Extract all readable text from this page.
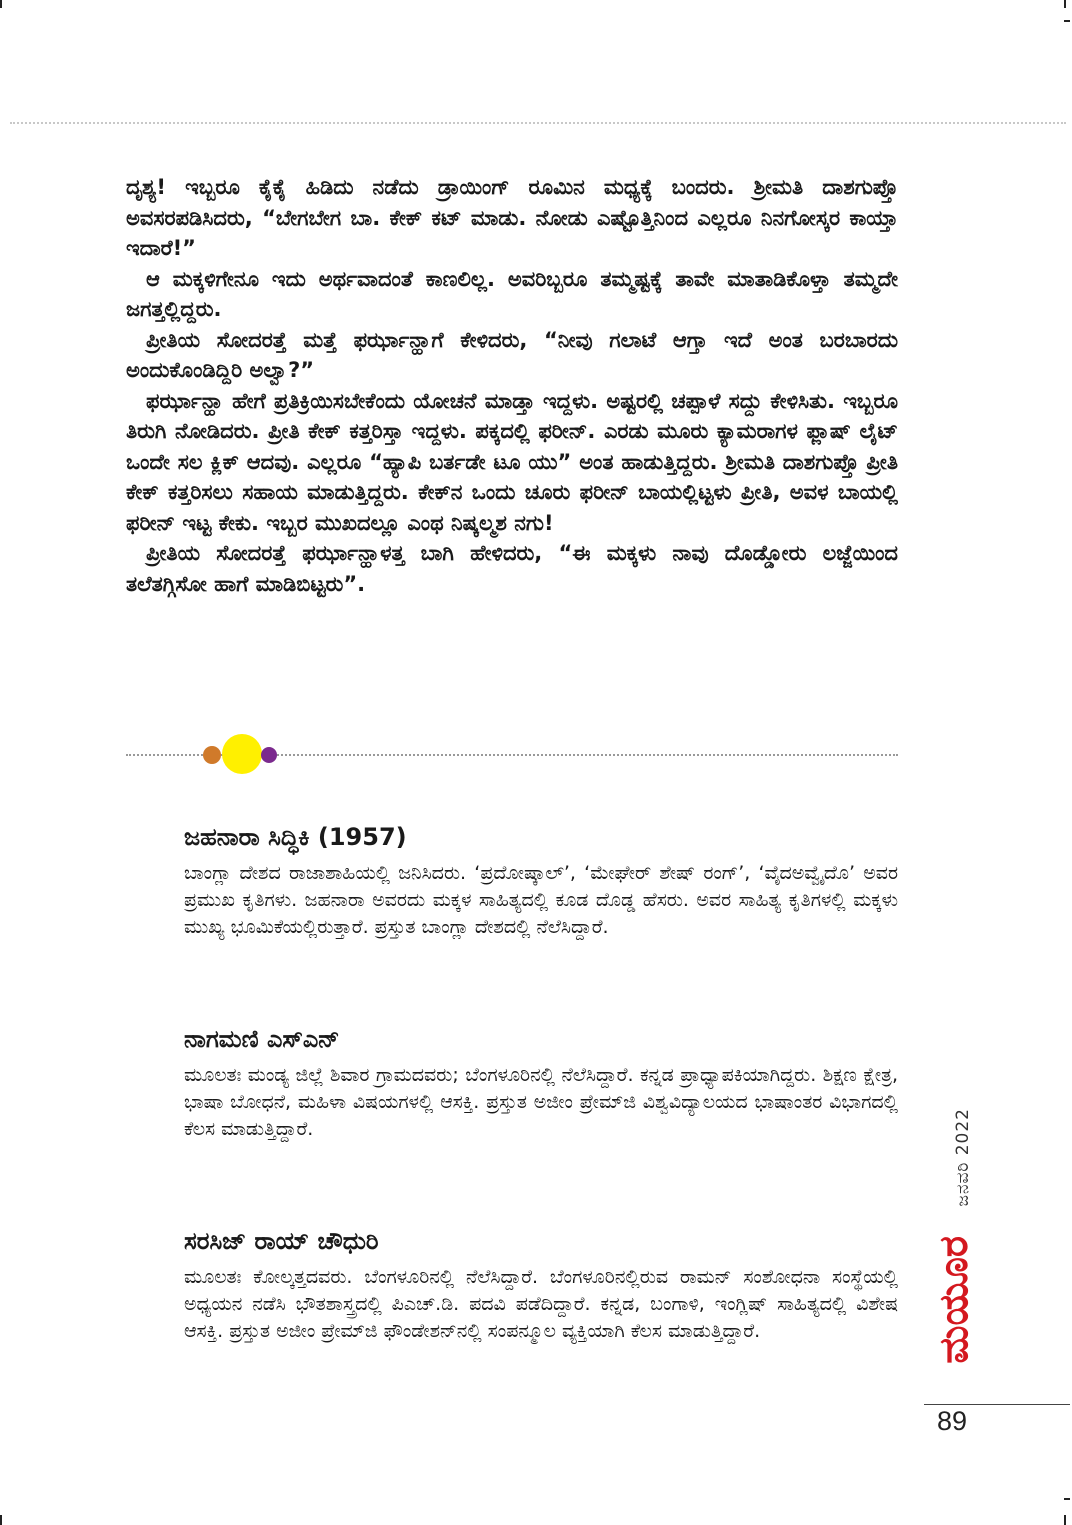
ದೃಶ್ಯ! ಇಬ್ಬರೂ ಕೈಕೈ ಹಿಡಿದು ನಡೆದು ಡ್ರಾಯಿಂಗ್ ರೂಮಿನ ಮಧ್ಯಕ್ಕೆ ಬಂದರು. ಶ್ರೀಮತಿ ದಾಶಗುಪ್ತೊ ಅವಸರಪಡಿಸಿದರು, “ಬೇಗಬೇಗ ಬಾ. ಕೇಕ್ ಕಟ್ ಮಾಡು. ನೋಡು ಎಷ್ಟೊತ್ತಿನಿಂದ ಎಲ್ಲರೂ ನಿನಗೋಸ್ಕರ ಕಾಯ್ತಾ ಇದಾರೆ!”

ಆ ಮಕ್ಕಳಿಗೇನೂ ಇದು ಅರ್ಥವಾದಂತೆ ಕಾಣಲಿಲ್ಲ. ಅವರಿಬ್ಬರೂ ತಮ್ಮಷ್ಟಕ್ಕೆ ತಾವೇ ಮಾತಾಡಿಕೊಳ್ತಾ ತಮ್ಮದೇ ಜಗತ್ತಲ್ಲಿದ್ದರು.

ಪ್ರೀತಿಯ ಸೋದರತ್ತೆ ಮತ್ತೆ ಫರ್ಝಾನ್ಹಾಗೆ ಕೇಳಿದರು, “ನೀವು ಗಲಾಟೆ ಆಗ್ತಾ ಇದೆ ಅಂತ ಬರಬಾರದು ಅಂದುಕೊಂಡಿದ್ದಿರಿ ಅಲ್ವಾ?”

ಫರ್ಝಾನ್ಹಾ ಹೇಗೆ ಪ್ರತಿಕ್ರಿಯಿಸಬೇಕೆಂದು ಯೋಚನೆ ಮಾಡ್ತಾ ಇದ್ದಳು. ಅಷ್ಟರಲ್ಲಿ ಚಪ್ಪಾಳೆ ಸದ್ದು ಕೇಳಿಸಿತು. ಇಬ್ಬರೂ ತಿರುಗಿ ನೋಡಿದರು. ಪ್ರೀತಿ ಕೇಕ್ ಕತ್ತರಿಸ್ತಾ ಇದ್ದಳು. ಪಕ್ಕದಲ್ಲಿ ಫರೀನ್. ಎರಡು ಮೂರು ಕ್ಯಾಮರಾಗಳ ಫ್ಲಾಷ್ ಲೈಟ್ ಒಂದೇ ಸಲ ಕ್ಲಿಕ್ ಆದವು. ಎಲ್ಲರೂ “ಹ್ಯಾಪಿ ಬರ್ತಡೇ ಟೂ ಯು” ಅಂತ ಹಾಡುತ್ತಿದ್ದರು. ಶ್ರೀಮತಿ ದಾಶಗುಪ್ತೊ ಪ್ರೀತಿ ಕೇಕ್ ಕತ್ತರಿಸಲು ಸಹಾಯ ಮಾಡುತ್ತಿದ್ದರು. ಕೇಕ್‌ನ ಒಂದು ಚೂರು ಫರೀನ್ ಬಾಯಲ್ಲಿಟ್ಟಳು ಪ್ರೀತಿ, ಅವಳ ಬಾಯಲ್ಲಿ ಫರೀನ್ ಇಟ್ಟ ಕೇಕು. ಇಬ್ಬರ ಮುಖದಲ್ಲೂ ಎಂಥ ನಿಷ್ಕಲ್ಮಶ ನಗು!

ಪ್ರೀತಿಯ ಸೋದರತ್ತೆ ಫರ್ಝಾನ್ಹಾಳತ್ತ ಬಾಗಿ ಹೇಳಿದರು, “ಈ ಮಕ್ಕಳು ನಾವು ದೊಡ್ಡೋರು ಲಜ್ಜೆಯಿಂದ ತಲೆತಗ್ಗಿಸೋ ಹಾಗೆ ಮಾಡಿಬಿಟ್ಟರು”.

ಜಹನಾರಾ ಸಿದ್ಧಿಕಿ (1957)

ಬಾಂಗ್ಲಾ ದೇಶದ ರಾಜಾಶಾಹಿಯಲ್ಲಿ ಜನಿಸಿದರು. ‘ಪ್ರದೋಷ್ಕಾಲ್’, ‘ಮೇಘೇರ್ ಶೇಷ್ ರಂಗ್’, ‘ವೈದಅವ್ವೈದೊ’ ಅವರ ಪ್ರಮುಖ ಕೃತಿಗಳು. ಜಹನಾರಾ ಅವರದು ಮಕ್ಕಳ ಸಾಹಿತ್ಯದಲ್ಲಿ ಕೂಡ ದೊಡ್ಡ ಹೆಸರು. ಅವರ ಸಾಹಿತ್ಯ ಕೃತಿಗಳಲ್ಲಿ ಮಕ್ಕಳು ಮುಖ್ಯ ಭೂಮಿಕೆಯಲ್ಲಿರುತ್ತಾರೆ. ಪ್ರಸ್ತುತ ಬಾಂಗ್ಲಾ ದೇಶದಲ್ಲಿ ನೆಲೆಸಿದ್ದಾರೆ.

ನಾಗಮಣಿ ಎಸ್ಎನ್

ಮೂಲತಃ ಮಂಡ್ಯ ಜಿಲ್ಲೆ ಶಿವಾರ ಗ್ರಾಮದವರು; ಬೆಂಗಳೂರಿನಲ್ಲಿ ನೆಲೆಸಿದ್ದಾರೆ. ಕನ್ನಡ ಪ್ರಾಧ್ಯಾಪಕಿಯಾಗಿದ್ದರು. ಶಿಕ್ಷಣ ಕ್ಷೇತ್ರ, ಭಾಷಾ ಬೋಧನೆ, ಮಹಿಳಾ ವಿಷಯಗಳಲ್ಲಿ ಆಸಕ್ತಿ. ಪ್ರಸ್ತುತ ಅಜೀಂ ಪ್ರೇಮ್‌ಜಿ ವಿಶ್ವವಿದ್ಯಾಲಯದ ಭಾಷಾಂತರ ವಿಭಾಗದಲ್ಲಿ ಕೆಲಸ ಮಾಡುತ್ತಿದ್ದಾರೆ.

ಸರಸಿಜ್ ರಾಯ್ ಚೌಧುರಿ

ಮೂಲತಃ ಕೋಲ್ಕತ್ತದವರು. ಬೆಂಗಳೂರಿನಲ್ಲಿ ನೆಲೆಸಿದ್ದಾರೆ. ಬೆಂಗಳೂರಿನಲ್ಲಿರುವ ರಾಮನ್ ಸಂಶೋಧನಾ ಸಂಸ್ಥೆಯಲ್ಲಿ ಅಧ್ಯಯನ ನಡೆಸಿ ಭೌತಶಾಸ್ತ್ರದಲ್ಲಿ ಪಿಎಚ್.ಡಿ. ಪದವಿ ಪಡೆದಿದ್ದಾರೆ. ಕನ್ನಡ, ಬಂಗಾಳಿ, ಇಂಗ್ಲಿಷ್ ಸಾಹಿತ್ಯದಲ್ಲಿ ವಿಶೇಷ ಆಸಕ್ತಿ. ಪ್ರಸ್ತುತ ಅಜೀಂ ಪ್ರೇಮ್‌ಜಿ ಫೌಂಡೇಶನ್‌ನಲ್ಲಿ ಸಂಪನ್ಮೂಲ ವ್ಯಕ್ತಿಯಾಗಿ ಕೆಲಸ ಮಾಡುತ್ತಿದ್ದಾರೆ.

ಜನವರಿ 2022
ಮಯೂರ
89
